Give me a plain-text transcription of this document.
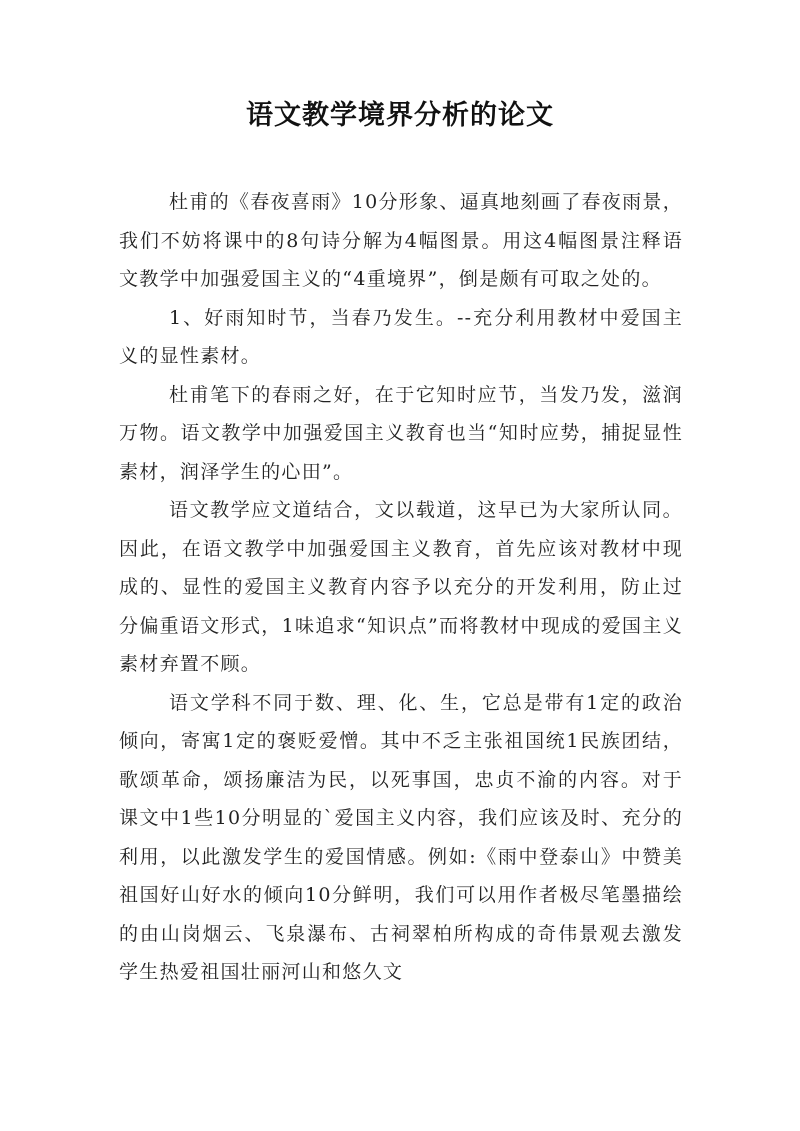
语文教学境界分析的论文

杜甫的《春夜喜雨》10分形象、逼真地刻画了春夜雨景，我们不妨将课中的8句诗分解为4幅图景。用这4幅图景注释语文教学中加强爱国主义的“4重境界”，倒是颇有可取之处的。

1、好雨知时节，当春乃发生。--充分利用教材中爱国主义的显性素材。

杜甫笔下的春雨之好，在于它知时应节，当发乃发，滋润万物。语文教学中加强爱国主义教育也当“知时应势，捕捉显性素材，润泽学生的心田”。

语文教学应文道结合，文以载道，这早已为大家所认同。因此，在语文教学中加强爱国主义教育，首先应该对教材中现成的、显性的爱国主义教育内容予以充分的开发利用，防止过分偏重语文形式，1味追求“知识点”而将教材中现成的爱国主义素材弃置不顾。

语文学科不同于数、理、化、生，它总是带有1定的政治倾向，寄寓1定的褒贬爱憎。其中不乏主张祖国统1民族团结，歌颂革命，颂扬廉洁为民，以死事国，忠贞不渝的内容。对于课文中1些10分明显的`爱国主义内容，我们应该及时、充分的利用，以此激发学生的爱国情感。例如:《雨中登泰山》中赞美祖国好山好水的倾向10分鲜明，我们可以用作者极尽笔墨描绘的由山岗烟云、飞泉瀑布、古祠翠柏所构成的奇伟景观去激发学生热爱祖国壮丽河山和悠久文
